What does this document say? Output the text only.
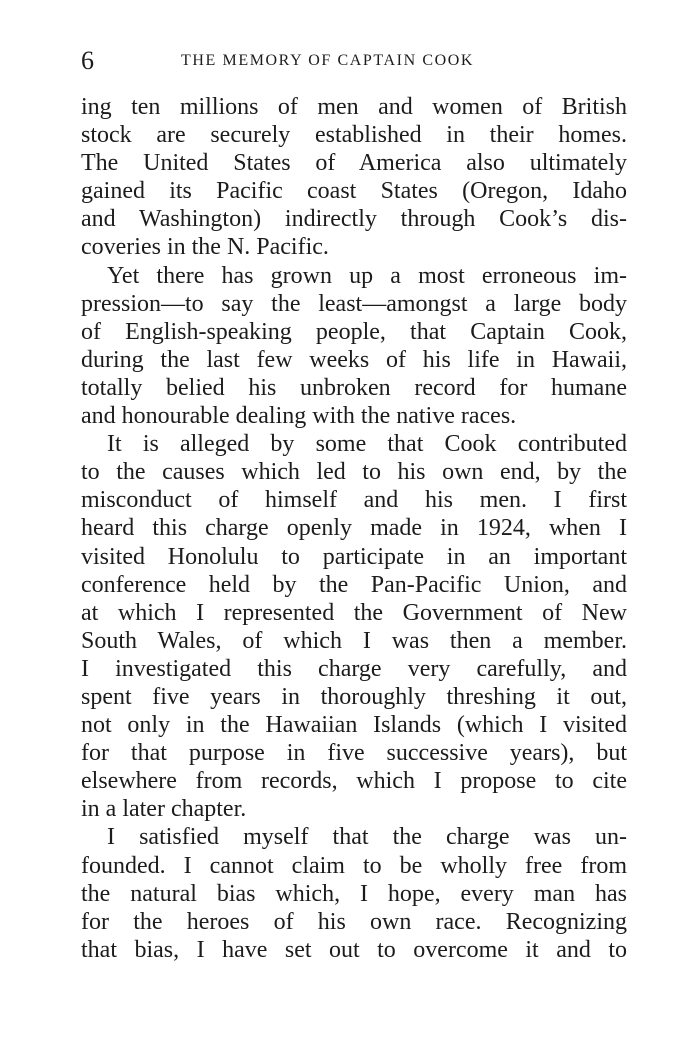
6	THE MEMORY OF CAPTAIN COOK
ing ten millions of men and women of British
stock are securely established in their homes.
The United States of America also ultimately
gained its Pacific coast States (Oregon, Idaho
and Washington) indirectly through Cook’s dis-
coveries in the N. Pacific.
Yet there has grown up a most erroneous im-
pression—to say the least—amongst a large body
of English-speaking people, that Captain Cook,
during the last few weeks of his life in Hawaii,
totally belied his unbroken record for humane
and honourable dealing with the native races.
It is alleged by some that Cook contributed
to the causes which led to his own end, by the
misconduct of himself and his men. I first
heard this charge openly made in 1924, when I
visited Honolulu to participate in an important
conference held by the Pan-Pacific Union, and
at which I represented the Government of New
South Wales, of which I was then a member.
I investigated this charge very carefully, and
spent five years in thoroughly threshing it out,
not only in the Hawaiian Islands (which I visited
for that purpose in five successive years), but
elsewhere from records, which I propose to cite
in a later chapter.
I satisfied myself that the charge was un-
founded. I cannot claim to be wholly free from
the natural bias which, I hope, every man has
for the heroes of his own race. Recognizing
that bias, I have set out to overcome it and to
